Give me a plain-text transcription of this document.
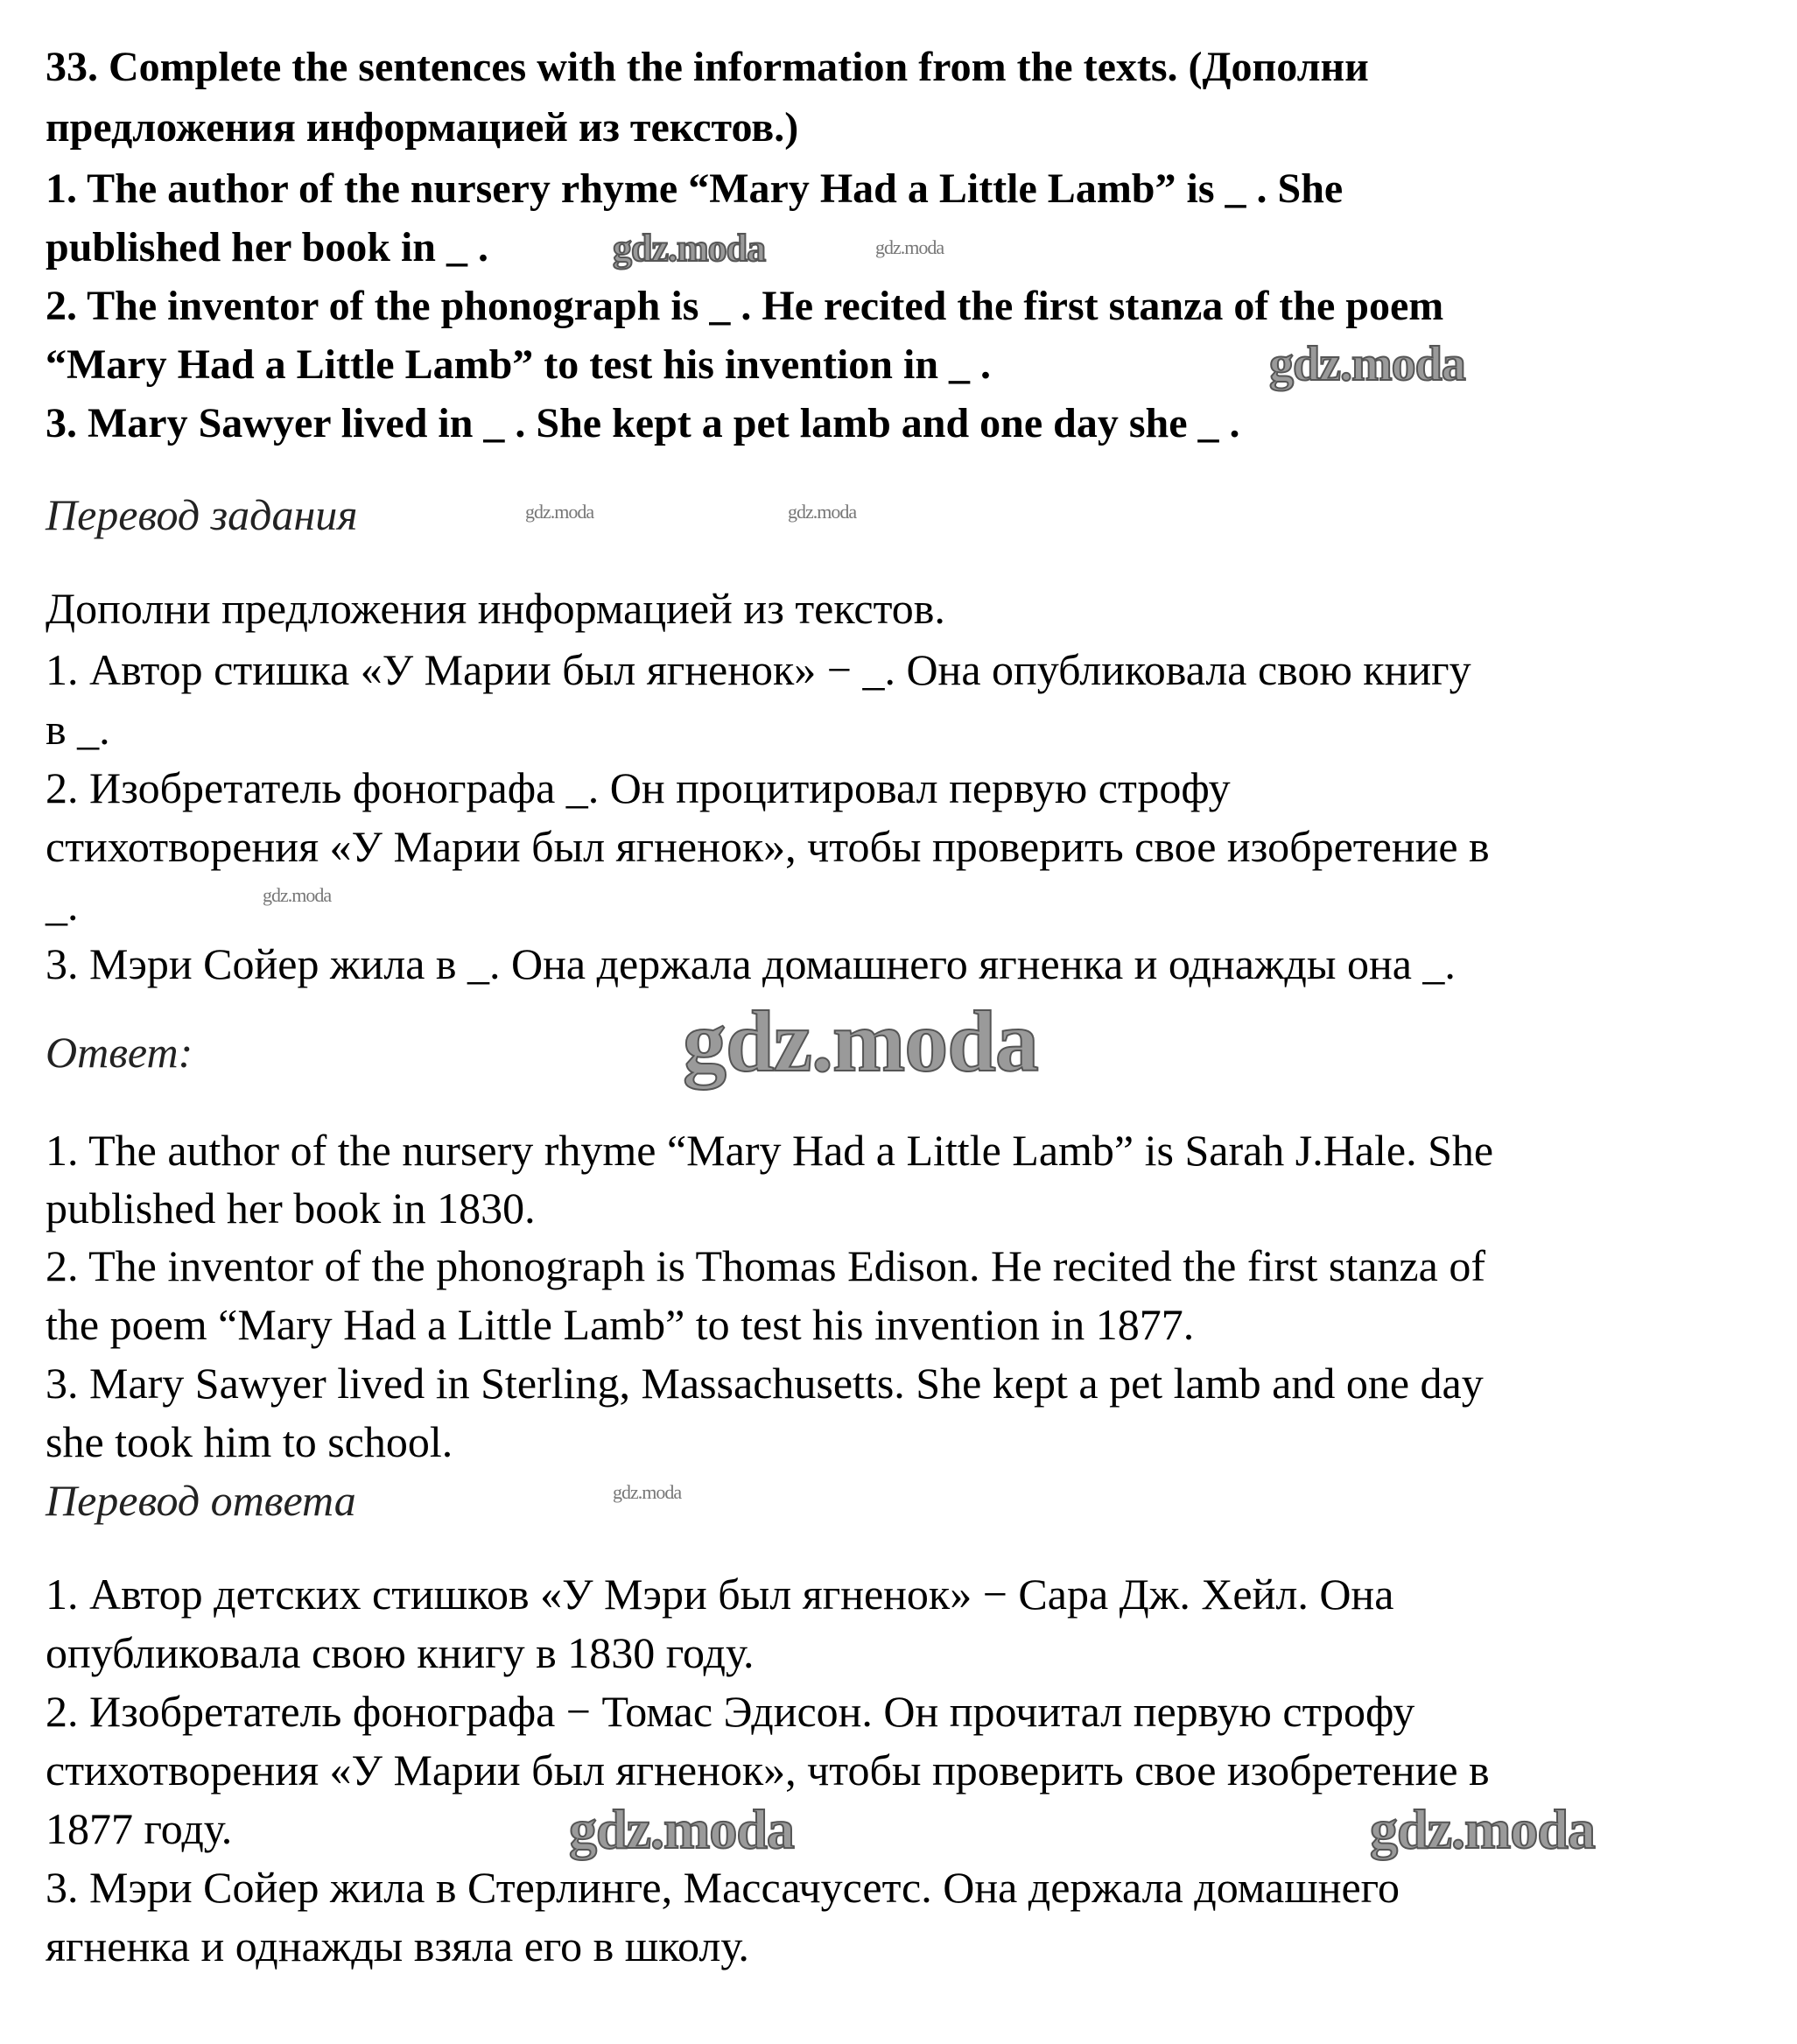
33. Complete the sentences with the information from the texts. (Дополни
предложения информацией из текстов.)
1. The author of the nursery rhyme “Mary Had a Little Lamb” is _ . She
published her book in _ .
2. The inventor of the phonograph is _ . He recited the first stanza of the poem
“Mary Had a Little Lamb” to test his invention in _ .
3. Mary Sawyer lived in _ . She kept a pet lamb and one day she _ .
Перевод задания
Дополни предложения информацией из текстов.
1. Автор стишка «У Марии был ягненок» − _. Она опубликовала свою книгу
в _.
2. Изобретатель фонографа _. Он процитировал первую строфу
стихотворения «У Марии был ягненок», чтобы проверить свое изобретение в
_.
3. Мэри Сойер жила в _. Она держала домашнего ягненка и однажды она _.
Ответ:
1. The author of the nursery rhyme “Mary Had a Little Lamb” is Sarah J.Hale. She
published her book in 1830.
2. The inventor of the phonograph is Thomas Edison. He recited the first stanza of
the poem “Mary Had a Little Lamb” to test his invention in 1877.
3. Mary Sawyer lived in Sterling, Massachusetts. She kept a pet lamb and one day
she took him to school.
Перевод ответа
1. Автор детских стишков «У Мэри был ягненок» − Сара Дж. Хейл. Она
опубликовала свою книгу в 1830 году.
2. Изобретатель фонографа − Томас Эдисон. Он прочитал первую строфу
стихотворения «У Марии был ягненок», чтобы проверить свое изобретение в
1877 году.
3. Мэри Сойер жила в Стерлинге, Массачусетс. Она держала домашнего
ягненка и однажды взяла его в школу.
gdz.moda
gdz.moda
gdz.moda
gdz.moda	gdz.moda
gdz.moda
gdz.moda
gdz.moda	gdz.moda
gdz.moda
